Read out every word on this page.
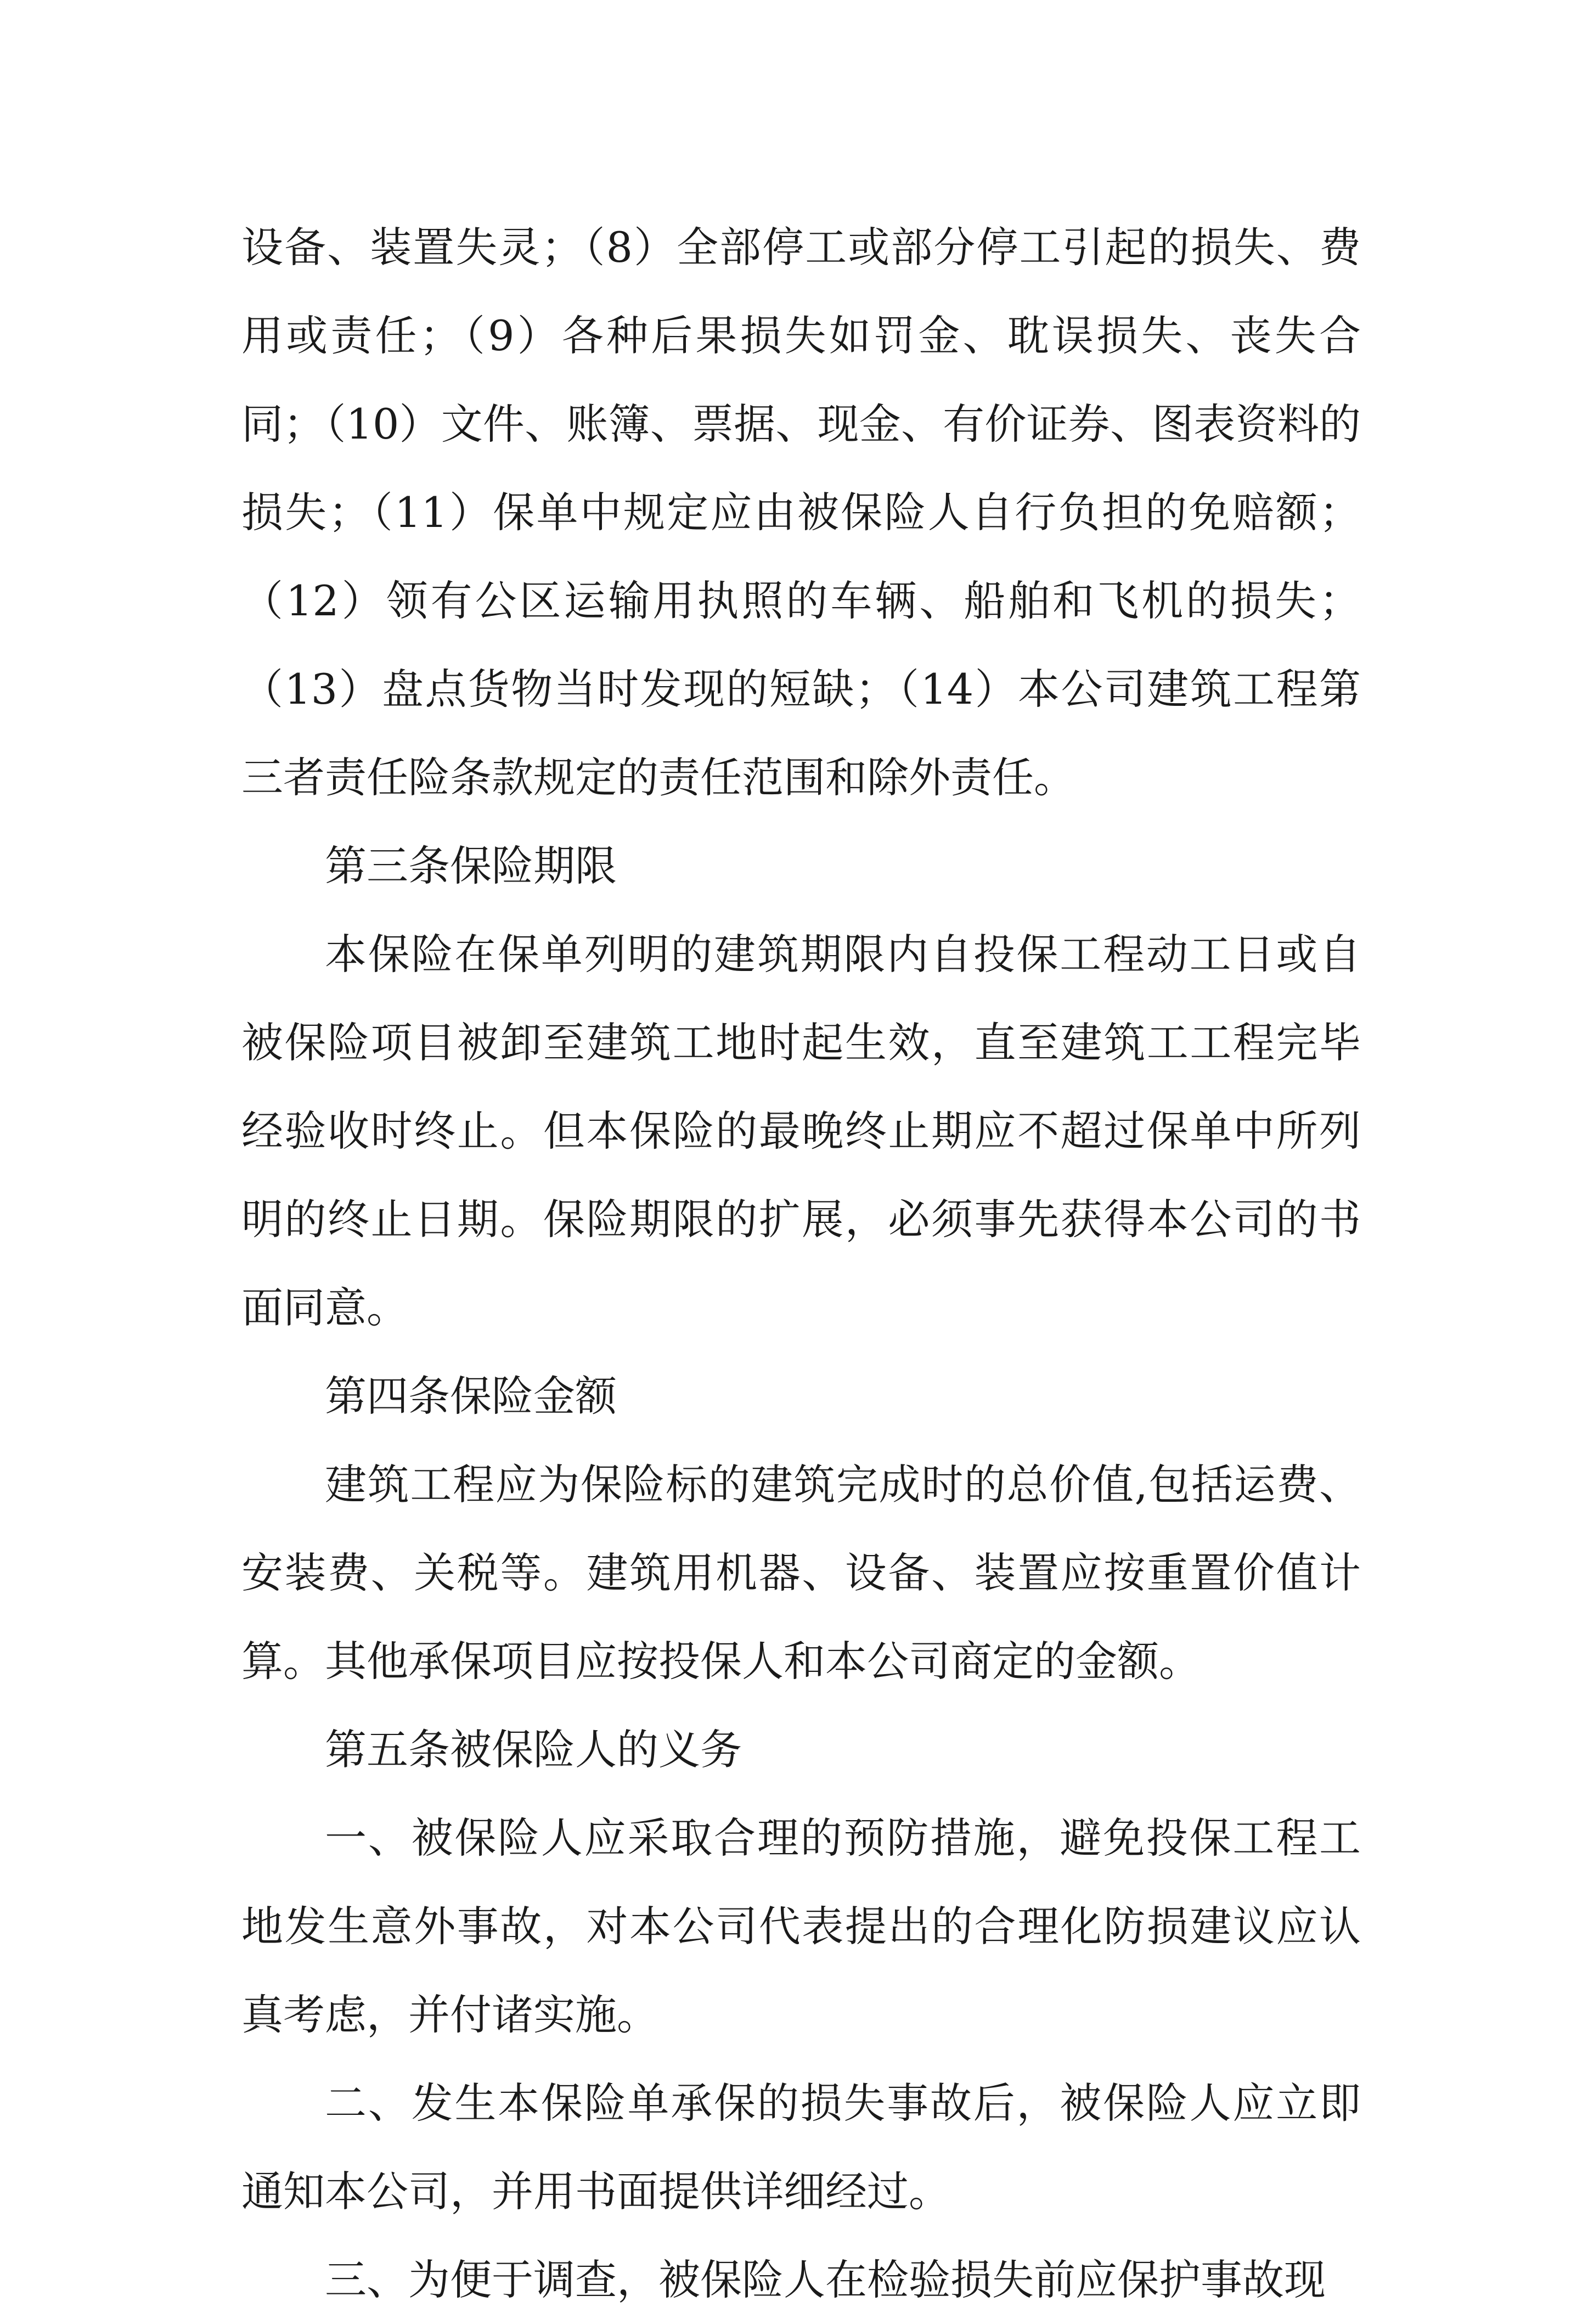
设备、装置失灵；（8）全部停工或部分停工引起的损失、费用或责任；（9）各种后果损失如罚金、耽误损失、丧失合同；（10）文件、账簿、票据、现金、有价证券、图表资料的损失；（11）保单中规定应由被保险人自行负担的免赔额；（12）领有公区运输用执照的车辆、船舶和飞机的损失；（13）盘点货物当时发现的短缺；（14）本公司建筑工程第三者责任险条款规定的责任范围和除外责任。

第三条保险期限

本保险在保单列明的建筑期限内自投保工程动工日或自被保险项目被卸至建筑工地时起生效，直至建筑工工程完毕经验收时终止。但本保险的最晚终止期应不超过保单中所列明的终止日期。保险期限的扩展，必须事先获得本公司的书面同意。

第四条保险金额

建筑工程应为保险标的建筑完成时的总价值,包括运费、安装费、关税等。建筑用机器、设备、装置应按重置价值计算。其他承保项目应按投保人和本公司商定的金额。

第五条被保险人的义务

一、被保险人应采取合理的预防措施，避免投保工程工地发生意外事故，对本公司代表提出的合理化防损建议应认真考虑，并付诸实施。

二、发生本保险单承保的损失事故后，被保险人应立即通知本公司，并用书面提供详细经过。

三、为便于调查，被保险人在检验损失前应保护事故现
